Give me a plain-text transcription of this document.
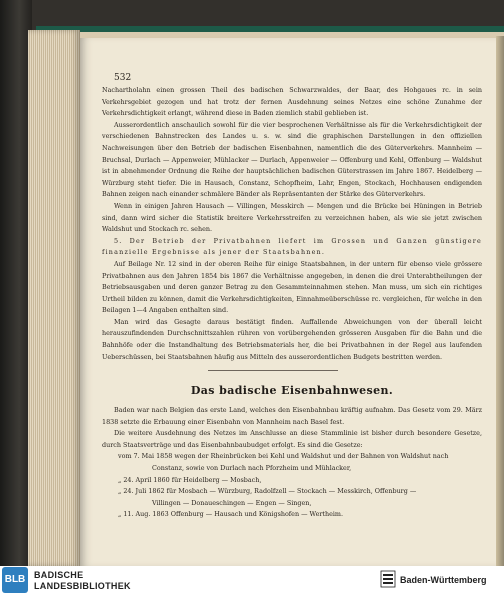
532

Nachartholahn einen grossen Theil des badischen Schwarzwaldes, der Baar, des Hohgaues rc. in sein Verkehrsgebiet gezogen und hat trotz der fernen Ausdehnung seines Netzes eine schöne Zunahme der Verkehrsdichtigkeit erlangt, während diese in Baden ziemlich stabil geblieben ist.

Ausserordentlich anschaulich sowohl für die vier besprochenen Verhältnisse als für die Verkehrsdichtigkeit der verschiedenen Bahnstrecken des Landes u. s. w. sind die graphischen Darstellungen in den offiziellen Nachweisungen über den Betrieb der badischen Eisenbahnen, namentlich die des Güterverkehrs. Mannheim — Bruchsal, Durlach — Appenweier, Mühlacker — Durlach, Appenweier — Offenburg und Kehl, Offenburg — Waldshut ist in abnehmender Ordnung die Reihe der hauptsächlichen badischen Güterstrassen im Jahre 1867. Heidelberg — Würzburg steht tiefer. Die in Hausach, Constanz, Schopfheim, Lahr, Engen, Stockach, Hochhausen endigenden Bahnen zeigen nach einander schmälere Bänder als Repräsentanten der Stärke des Güterverkehrs.

Wenn in einigen Jahren Hausach — Villingen, Messkirch — Mengen und die Brücke bei Hüningen in Betrieb sind, dann wird sicher die Statistik breitere Verkehrsstreifen zu verzeichnen haben, als wie sie jetzt zwischen Waldshut und Stockach rc. sehen.

5. Der Betrieb der Privatbahnen liefert im Grossen und Ganzen günstigere finanzielle Ergebnisse als jener der Staatsbahnen.

Auf Beilage Nr. 12 sind in der oberen Reihe für einige Staatsbahnen, in der untern für ebenso viele grössere Privatbahnen aus den Jahren 1854 bis 1867 die Verhältnisse angegeben, in denen die drei Unterabtheilungen der Betriebsausgaben und deren ganzer Betrag zu den Gesammteinnahmen stehen. Man muss, um sich ein richtiges Urtheil bilden zu können, damit die Verkehrsdichtigkeiten, Einnahmeüberschüsse rc. vergleichen, für welche in den Beilagen 1—4 Angaben enthalten sind.

Man wird das Gesagte daraus bestätigt finden. Auffallende Abweichungen von der überall leicht herauszufindenden Durchschnittszahlen rühren von vorübergehenden grösseren Ausgaben für die Bahn und die Bahnhöfe oder die Instandhaltung des Betriebsmaterials her, die bei Privatbahnen in der Regel aus laufenden Ueberschüssen, bei Staatsbahnen häufig aus Mitteln des ausserordentlichen Budgets bestritten werden.

Das badische Eisenbahnwesen.

Baden war nach Belgien das erste Land, welches den Eisenbahnbau kräftig aufnahm. Das Gesetz vom 29. März 1838 setzte die Erbauung einer Eisenbahn von Mannheim nach Basel fest.

Die weitere Ausdehnung des Netzes im Anschlusse an diese Stammlinie ist bisher durch besondere Gesetze, durch Staatsverträge und das Eisenbahnbaubudget erfolgt. Es sind die Gesetze:

vom 7. Mai 1858 wegen der Rheinbrücken bei Kehl und Waldshut und der Bahnen von Waldshut nach

Constanz, sowie von Durlach nach Pforzheim und Mühlacker,

„ 24. April 1860 für Heidelberg — Mosbach,

„ 24. Juli 1862 für Mosbach — Würzburg, Radolfzell — Stockach — Messkirch, Offenburg —

Villingen — Donaueschingen — Engen — Singen,

„ 11. Aug. 1863 Offenburg — Hausach und Königshofen — Wertheim.

BLB BADISCHE
LANDESBIBLIOTHEK
Baden-Württemberg
